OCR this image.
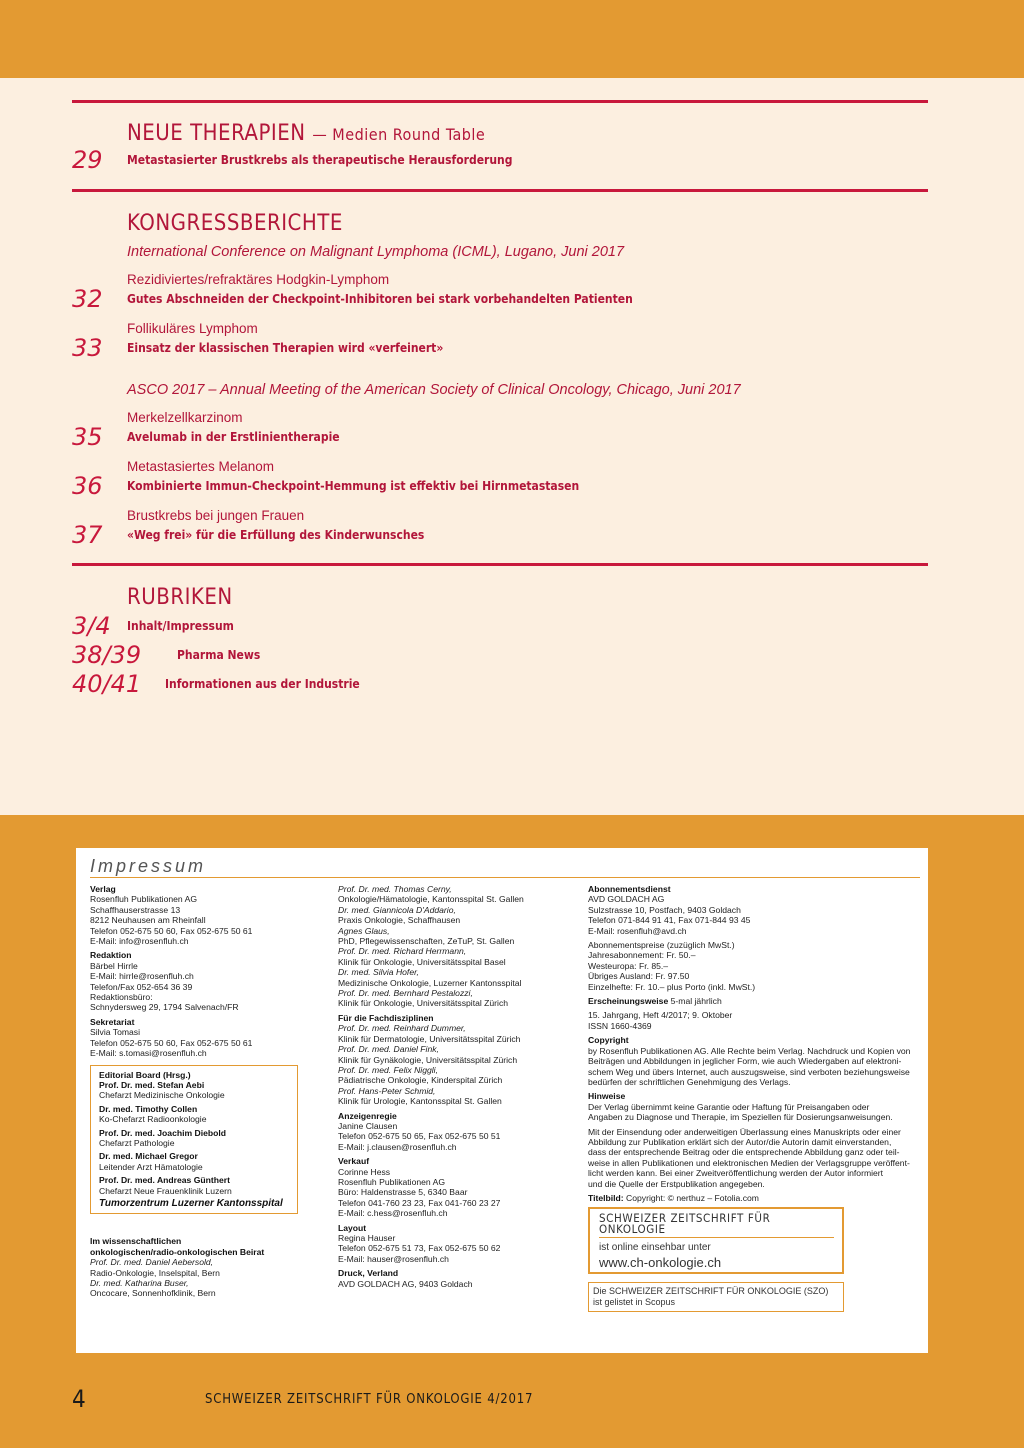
NEUE THERAPIEN — Medien Round Table
29 Metastasierter Brustkrebs als therapeutische Herausforderung
KONGRESSBERICHTE
International Conference on Malignant Lymphoma (ICML), Lugano, Juni 2017
Rezidiviertes/refraktäres Hodgkin-Lymphom
32 Gutes Abschneiden der Checkpoint-Inhibitoren bei stark vorbehandelten Patienten
Follikuläres Lymphom
33 Einsatz der klassischen Therapien wird «verfeinert»
ASCO 2017 – Annual Meeting of the American Society of Clinical Oncology, Chicago, Juni 2017
Merkelzellkarzinom
35 Avelumab in der Erstlinientherapie
Metastasiertes Melanom
36 Kombinierte Immun-Checkpoint-Hemmung ist effektiv bei Hirnmetastasen
Brustkrebs bei jungen Frauen
37 «Weg frei» für die Erfüllung des Kinderwunsches
RUBRIKEN
3/4 Inhalt/Impressum
38/39	Pharma News
40/41 Informationen aus der Industrie
Impressum
Verlag
Rosenfluh Publikationen AG
Schaffhauserstrasse 13
8212 Neuhausen am Rheinfall
Telefon 052-675 50 60, Fax 052-675 50 61
E-Mail: info@rosenfluh.ch
Redaktion
Bärbel Hirrle
E-Mail: hirrle@rosenfluh.ch
Telefon/Fax 052-654 36 39
Redaktionsbüro:
Schnydersweg 29, 1794 Salvenach/FR
Sekretariat
Silvia Tomasi
Telefon 052-675 50 60, Fax 052-675 50 61
E-Mail: s.tomasi@rosenfluh.ch
Editorial Board (Hrsg.)
Prof. Dr. med. Stefan Aebi
Chefarzt Medizinische Onkologie
Dr. med. Timothy Collen
Ko-Chefarzt Radioonkologie
Prof. Dr. med. Joachim Diebold
Chefarzt Pathologie
Dr. med. Michael Gregor
Leitender Arzt Hämatologie
Prof. Dr. med. Andreas Günthert
Chefarzt Neue Frauenklinik Luzern
Tumorzentrum Luzerner Kantonsspital
Im wissenschaftlichen
onkologischen/radio-onkologischen Beirat
Prof. Dr. med. Daniel Aebersold,
Radio-Onkologie, Inselspital, Bern
Dr. med. Katharina Buser,
Oncocare, Sonnenhofklinik, Bern
Prof. Dr. med. Thomas Cerny,
Onkologie/Hämatologie, Kantonsspital St. Gallen
Dr. med. Giannicola D'Addario,
Praxis Onkologie, Schaffhausen
Agnes Glaus,
PhD, Pflegewissenschaften, ZeTuP, St. Gallen
Prof. Dr. med. Richard Herrmann,
Klinik für Onkologie, Universitätsspital Basel
Dr. med. Silvia Hofer,
Medizinische Onkologie, Luzerner Kantonsspital
Prof. Dr. med. Bernhard Pestalozzi,
Klinik für Onkologie, Universitätsspital Zürich
Für die Fachdisziplinen
Prof. Dr. med. Reinhard Dummer,
Klinik für Dermatologie, Universitätsspital Zürich
Prof. Dr. med. Daniel Fink,
Klinik für Gynäkologie, Universitätsspital Zürich
Prof. Dr. med. Felix Niggli,
Pädiatrische Onkologie, Kinderspital Zürich
Prof. Hans-Peter Schmid,
Klinik für Urologie, Kantonsspital St. Gallen
Anzeigenregie
Janine Clausen
Telefon 052-675 50 65, Fax 052-675 50 51
E-Mail: j.clausen@rosenfluh.ch
Verkauf
Corinne Hess
Rosenfluh Publikationen AG
Büro: Haldenstrasse 5, 6340 Baar
Telefon 041-760 23 23, Fax 041-760 23 27
E-Mail: c.hess@rosenfluh.ch
Layout
Regina Hauser
Telefon 052-675 51 73, Fax 052-675 50 62
E-Mail: hauser@rosenfluh.ch
Druck, Verland
AVD GOLDACH AG, 9403 Goldach
Abonnementsdienst
AVD GOLDACH AG
Sulzstrasse 10, Postfach, 9403 Goldach
Telefon 071-844 91 41, Fax 071-844 93 45
E-Mail: rosenfluh@avd.ch
Abonnementspreise (zuzüglich MwSt.)
Jahresabonnement: Fr. 50.–
Westeuropa: Fr. 85.–
Übriges Ausland: Fr. 97.50
Einzelhefte: Fr. 10.– plus Porto (inkl. MwSt.)
Erscheinungsweise 5-mal jährlich
15. Jahrgang, Heft 4/2017; 9. Oktober
ISSN 1660-4369
Copyright
by Rosenfluh Publikationen AG. Alle Rechte beim Verlag. Nachdruck und Kopien von
Beiträgen und Abbildungen in jeglicher Form, wie auch Wiedergaben auf elektroni-
schem Weg und übers Internet, auch auszugsweise, sind verboten beziehungsweise
bedürfen der schriftlichen Genehmigung des Verlags.
Hinweise
Der Verlag übernimmt keine Garantie oder Haftung für Preisangaben oder
Angaben zu Diagnose und Therapie, im Speziellen für Dosierungsanweisungen.
Mit der Einsendung oder anderweitigen Überlassung eines Manuskripts oder einer
Abbildung zur Publikation erklärt sich der Autor/die Autorin damit einverstanden,
dass der entsprechende Beitrag oder die entsprechende Abbildung ganz oder teil-
weise in allen Publikationen und elektronischen Medien der Verlagsgruppe veröffent-
licht werden kann. Bei einer Zweitveröffentlichung werden der Autor informiert
und die Quelle der Erstpublikation angegeben.
Titelbild: Copyright: © nerthuz – Fotolia.com
SCHWEIZER ZEITSCHRIFT FÜR ONKOLOGIE
ist online einsehbar unter
www.ch-onkologie.ch
Die SCHWEIZER ZEITSCHRIFT FÜR ONKOLOGIE (SZO)
ist gelistet in Scopus
4	SCHWEIZER ZEITSCHRIFT FÜR ONKOLOGIE 4/2017
